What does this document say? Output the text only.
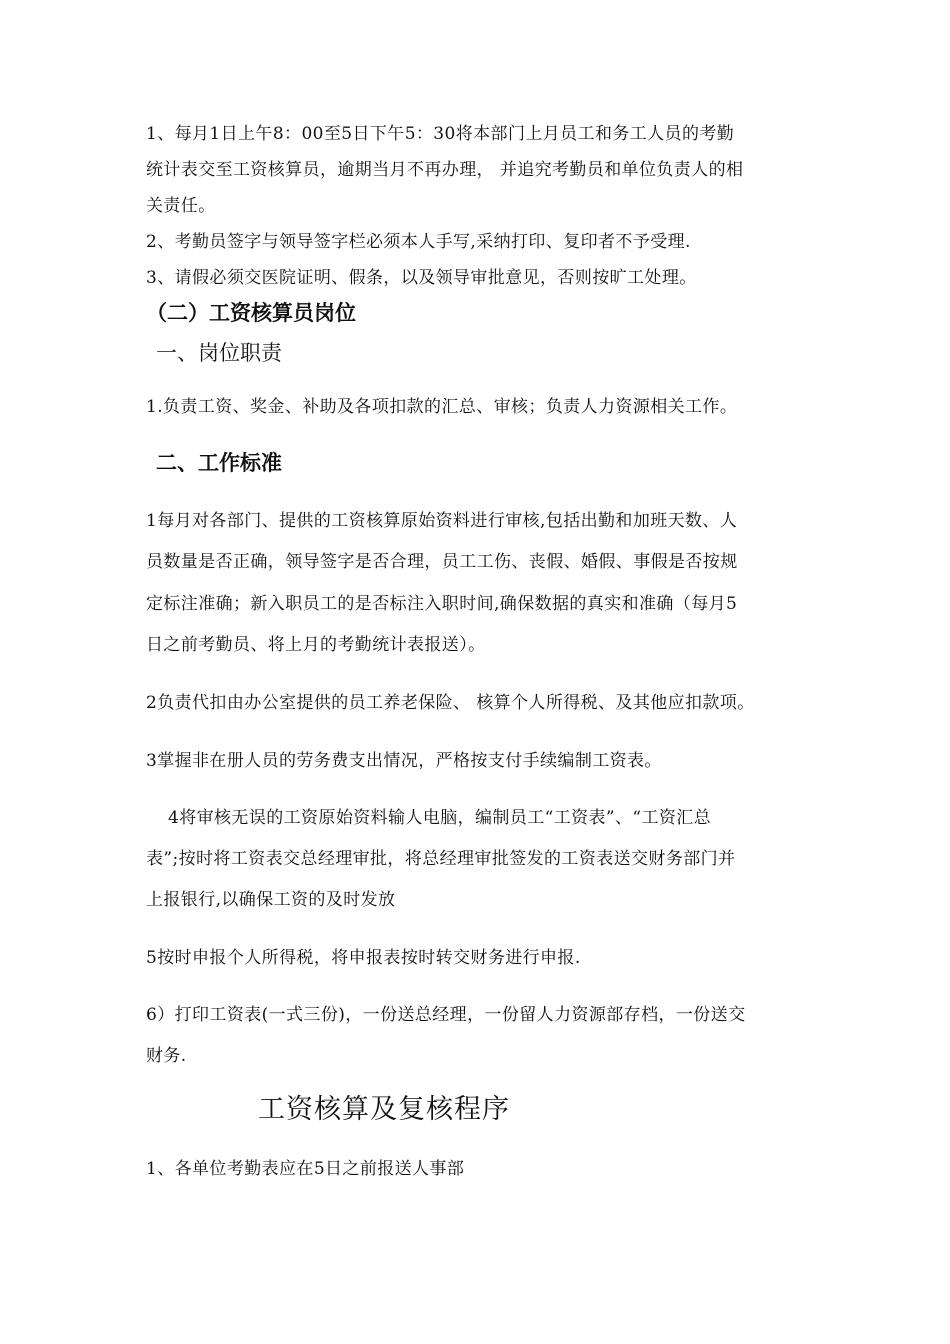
1、每月1日上午8：00至5日下午5：30将本部门上月员工和务工人员的考勤
统计表交至工资核算员，逾期当月不再办理， 并追究考勤员和单位负责人的相
关责任。
2、考勤员签字与领导签字栏必须本人手写,采纳打印、复印者不予受理.
3、请假必须交医院证明、假条，以及领导审批意见，否则按旷工处理。
（二）工资核算员岗位
一、岗位职责
1.负责工资、奖金、补助及各项扣款的汇总、审核；负责人力资源相关工作。
二、工作标准
1每月对各部门、提供的工资核算原始资料进行审核,包括出勤和加班天数、人
员数量是否正确，领导签字是否合理，员工工伤、丧假、婚假、事假是否按规
定标注准确；新入职员工的是否标注入职时间,确保数据的真实和准确（每月5
日之前考勤员、将上月的考勤统计表报送）。
2负责代扣由办公室提供的员工养老保险、 核算个人所得税、及其他应扣款项。
3掌握非在册人员的劳务费支出情况，严格按支付手续编制工资表。
4将审核无误的工资原始资料输人电脑，编制员工“工资表”、“工资汇总
表”;按时将工资表交总经理审批，将总经理审批签发的工资表送交财务部门并
上报银行,以确保工资的及时发放
5按时申报个人所得税，将申报表按时转交财务进行申报.
6）打印工资表(一式三份)，一份送总经理，一份留人力资源部存档，一份送交
财务.
工资核算及复核程序
1、各单位考勤表应在5日之前报送人事部
